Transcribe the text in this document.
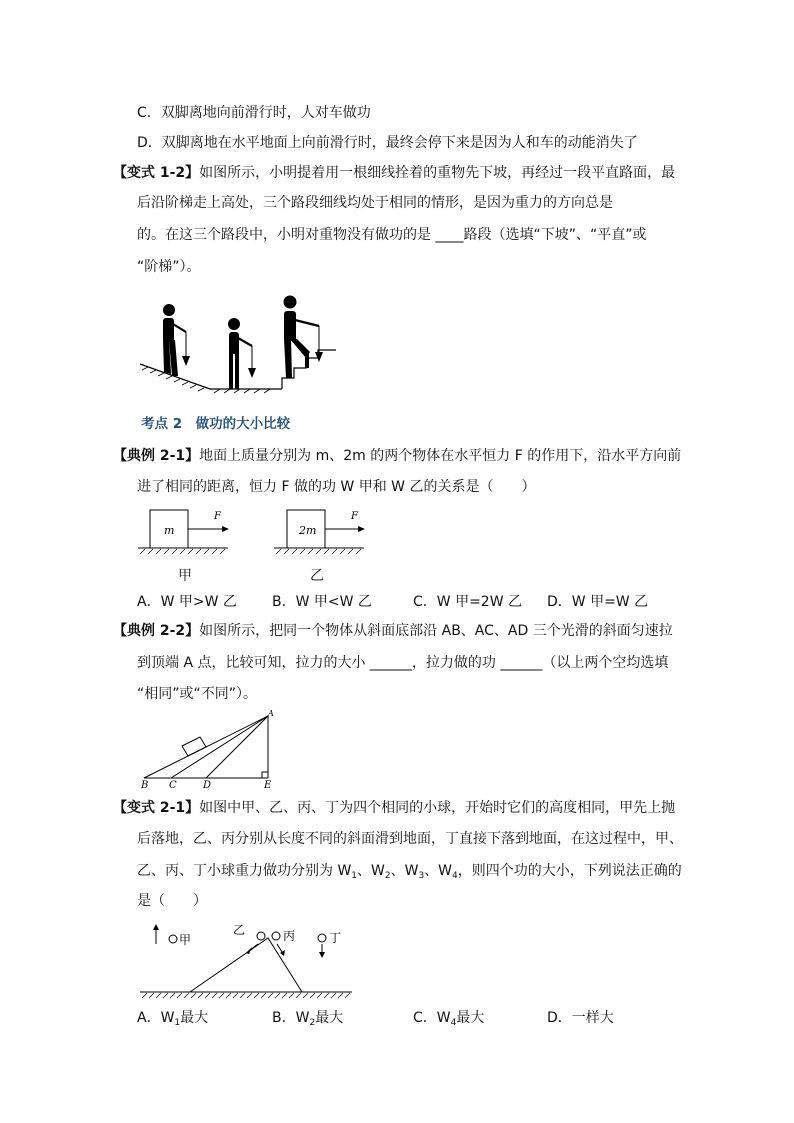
C．双脚离地向前滑行时，人对车做功
D．双脚离地在水平地面上向前滑行时，最终会停下来是因为人和车的动能消失了
【变式 1-2】如图所示，小明提着用一根细线拴着的重物先下坡，再经过一段平直路面，最
后沿阶梯走上高处，三个路段细线均处于相同的情形，是因为重力的方向总是
的。在这三个路段中，小明对重物没有做功的是 ____路段（选填“下坡”、“平直”或
“阶梯”）。
考点 2　做功的大小比较
【典例 2-1】地面上质量分别为 m、2m 的两个物体在水平恒力 F 的作用下，沿水平方向前
进了相同的距离，恒力 F 做的功 W 甲和 W 乙的关系是（　　）
m
F
2m
F
甲	乙
A．W 甲>W 乙	B．W 甲<W 乙	C．W 甲=2W 乙 D．W 甲=W 乙
【典例 2-2】如图所示，把同一个物体从斜面底部沿 AB、AC、AD 三个光滑的斜面匀速拉
到顶端 A 点，比较可知，拉力的大小 ______，拉力做的功 ______（以上两个空均选填
“相同”或“不同”）。
A
B C	D	E
【变式 2-1】如图中甲、乙、丙、丁为四个相同的小球，开始时它们的高度相同，甲先上抛
后落地，乙、丙分别从长度不同的斜面滑到地面，丁直接下落到地面，在这过程中，甲、
乙、丙、丁小球重力做功分别为 $W_1$、$W_2$、$W_3$、$W_4$，则四个功的大小，下列说法正确的
是（　　）
甲
乙	丙	丁
A．$W_1$最大	B．$W_2$最大	C．$W_4$最大	D．一样大
